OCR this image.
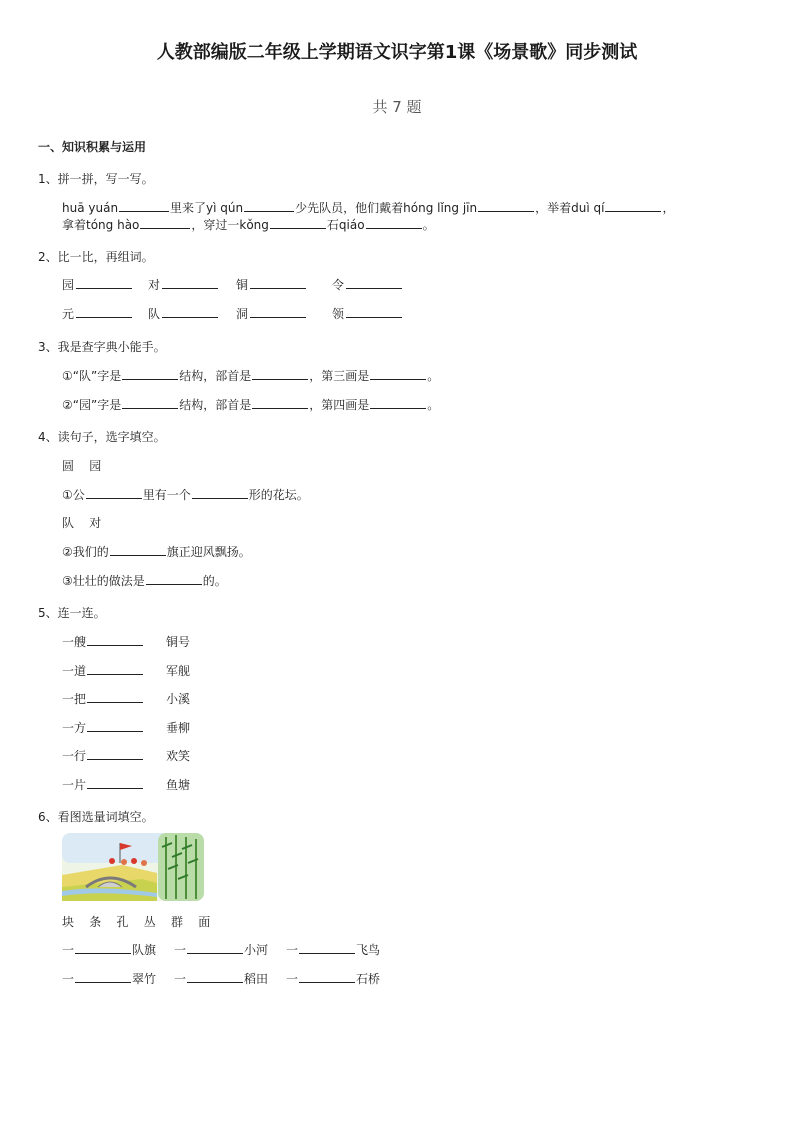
人教部编版二年级上学期语文识字第1课《场景歌》同步测试
共 7 题
一、知识积累与运用
1、拼一拼，写一写。
huā yuán	里来了yì qún	少先队员，他们戴着hóng lǐng jīn	，举着duì qí	，
拿着tóng hào	，穿过一kǒng	石qiáo	。
2、比一比，再组词。
园	对	铜	令
元	队	洞	领
3、我是查字典小能手。
①“队”字是	结构，部首是	，第三画是	。
②“园”字是	结构，部首是	，第四画是	。
4、读句子，选字填空。
圆    园
①公	里有一个	形的花坛。
队    对
②我们的	旗正迎风飘扬。
③壮壮的做法是	的。
5、连一连。
一艘	铜号
一道	军舰
一把	小溪
一方	垂柳
一行	欢笑
一片	鱼塘
6、看图选量词填空。
块    条    孔    丛    群    面
一	队旗 一	小河 一	飞鸟
一	翠竹 一	稻田 一	石桥
